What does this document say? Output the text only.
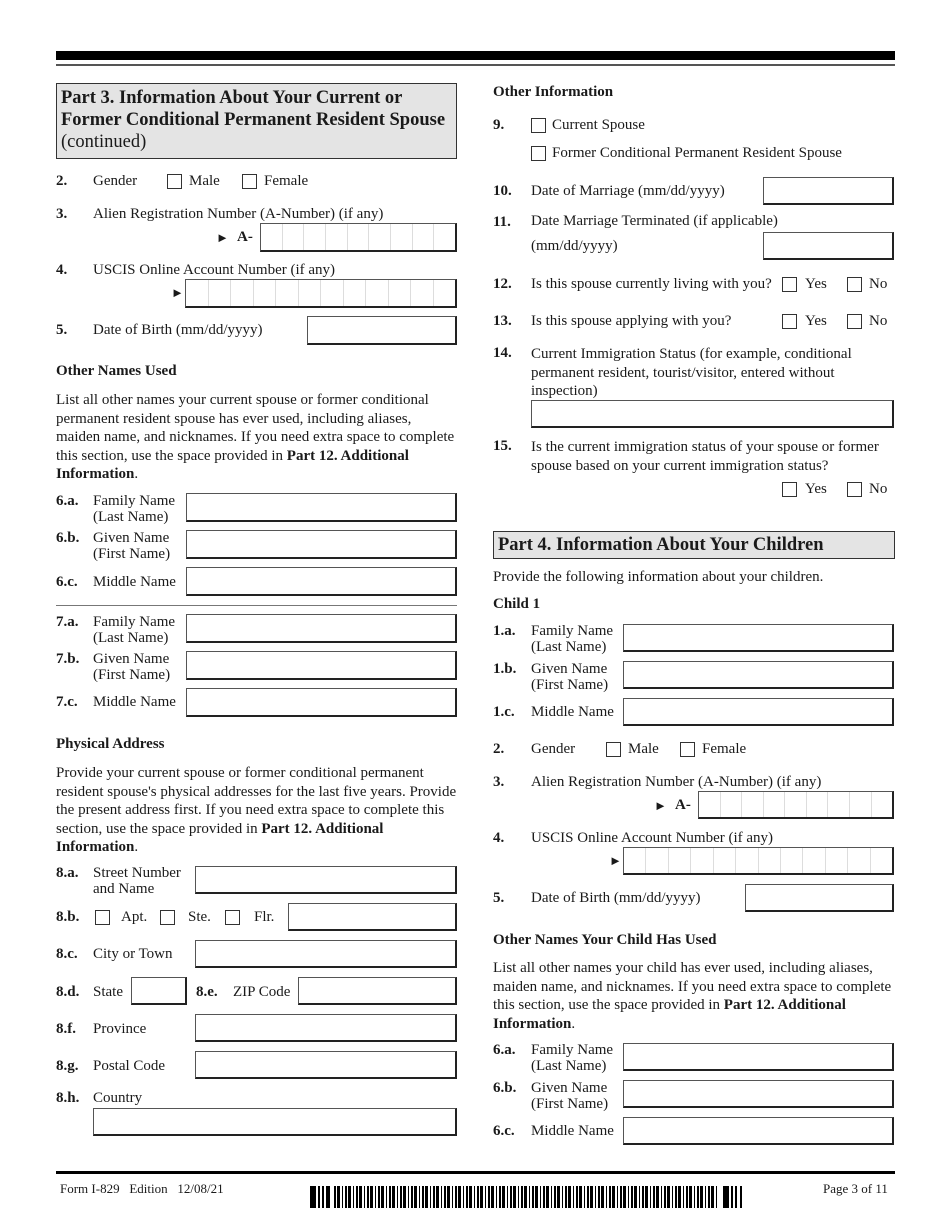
Part 3. Information About Your Current or
Former Conditional Permanent Resident Spouse
(continued)
2. Gender	Male	Female
3. Alien Registration Number (A-Number) (if any)
► A-
4. USCIS Online Account Number (if any)
►
5. Date of Birth (mm/dd/yyyy)
Other Names Used
List all other names your current spouse or former conditional permanent resident spouse has ever used, including aliases, maiden name, and nicknames. If you need extra space to complete this section, use the space provided in Part 12. Additional Information.
6.a. Family Name
(Last Name)
6.b. Given Name
(First Name)
6.c. Middle Name
7.a. Family Name
(Last Name)
7.b. Given Name
(First Name)
7.c. Middle Name
Physical Address
Provide your current spouse or former conditional permanent resident spouse's physical addresses for the last five years. Provide the present address first. If you need extra space to complete this section, use the space provided in Part 12. Additional Information.
8.a. Street Number
and Name
8.b.	Apt.	Ste.	Flr.
8.c. City or Town
8.d. State	8.e. ZIP Code
8.f. Province
8.g. Postal Code
8.h. Country
Other Information
9.	Current Spouse
Former Conditional Permanent Resident Spouse
10. Date of Marriage (mm/dd/yyyy)
11. Date Marriage Terminated (if applicable)
(mm/dd/yyyy)
12. Is this spouse currently living with you? Yes	No
13. Is this spouse applying with you?	Yes	No
14. Current Immigration Status (for example, conditional permanent resident, tourist/visitor, entered without inspection)
15. Is the current immigration status of your spouse or former spouse based on your current immigration status?
Yes	No
Part 4. Information About Your Children
Provide the following information about your children.
Child 1
1.a. Family Name
(Last Name)
1.b. Given Name
(First Name)
1.c. Middle Name
2. Gender	Male	Female
3. Alien Registration Number (A-Number) (if any)
► A-
4. USCIS Online Account Number (if any)
►
5. Date of Birth (mm/dd/yyyy)
Other Names Your Child Has Used
List all other names your child has ever used, including aliases, maiden name, and nicknames. If you need extra space to complete this section, use the space provided in Part 12. Additional Information.
6.a. Family Name
(Last Name)
6.b. Given Name
(First Name)
6.c. Middle Name
Form I-829 Edition 12/08/21	Page 3 of 11
